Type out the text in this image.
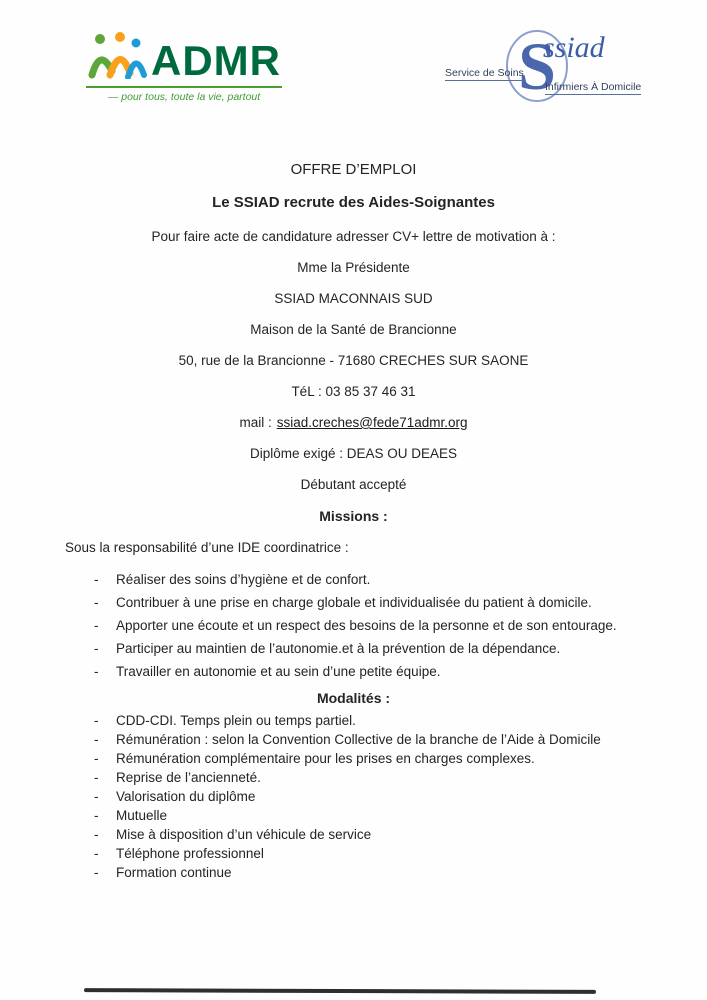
ADMR
— pour tous, toute la vie, partout	S
ssiad
Service de Soins
Infirmiers À Domicile

OFFRE D’EMPLOI

Le SSIAD recrute des Aides-Soignantes

Pour faire acte de candidature adresser CV+ lettre de motivation à :

Mme la Présidente

SSIAD MACONNAIS SUD

Maison de la Santé de Brancionne

50, rue de la Brancionne - 71680 CRECHES SUR SAONE

TéL : 03 85 37 46 31

mail : ssiad.creches@fede71admr.org

Diplôme exigé : DEAS OU DEAES

Débutant accepté

Missions :

Sous la responsabilité d’une IDE coordinatrice :

- Réaliser des soins d’hygiène et de confort.
- Contribuer à une prise en charge globale et individualisée du patient à domicile.
- Apporter une écoute et un respect des besoins de la personne et de son entourage.
- Participer au maintien de l’autonomie.et à la prévention de la dépendance.
- Travailler en autonomie et au sein d’une petite équipe.

Modalités :

- CDD-CDI. Temps plein ou temps partiel.
- Rémunération : selon la Convention Collective de la branche de l’Aide à Domicile
- Rémunération complémentaire pour les prises en charges complexes.
- Reprise de l’ancienneté.
- Valorisation du diplôme
- Mutuelle
- Mise à disposition d’un véhicule de service
- Téléphone professionnel
- Formation continue
